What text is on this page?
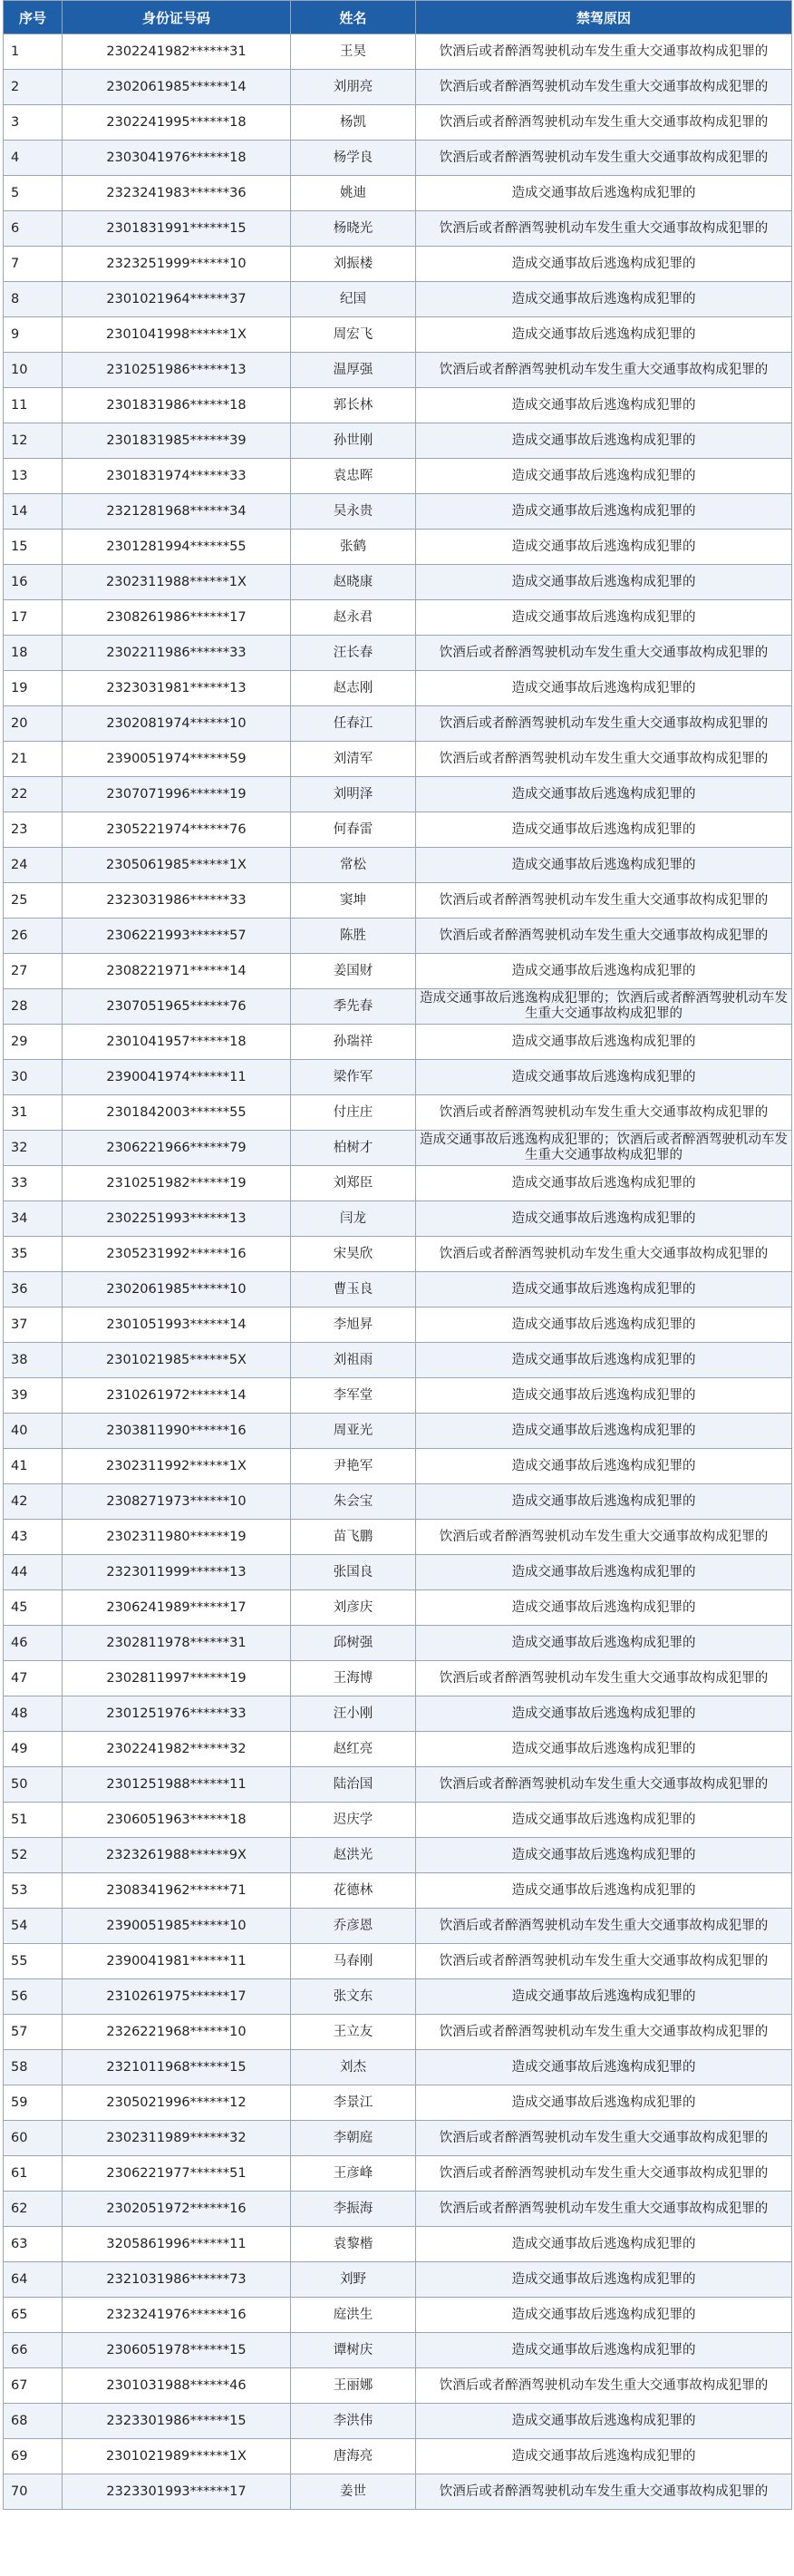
序号	身份证号码	姓名	禁驾原因
1	2302241982******31	王昊	饮酒后或者醉酒驾驶机动车发生重大交通事故构成犯罪的
2	2302061985******14	刘朋亮	饮酒后或者醉酒驾驶机动车发生重大交通事故构成犯罪的
3	2302241995******18	杨凯	饮酒后或者醉酒驾驶机动车发生重大交通事故构成犯罪的
4	2303041976******18	杨学良	饮酒后或者醉酒驾驶机动车发生重大交通事故构成犯罪的
5	2323241983******36	姚迪	造成交通事故后逃逸构成犯罪的
6	2301831991******15	杨晓光	饮酒后或者醉酒驾驶机动车发生重大交通事故构成犯罪的
7	2323251999******10	刘振楼	造成交通事故后逃逸构成犯罪的
8	2301021964******37	纪国	造成交通事故后逃逸构成犯罪的
9	2301041998******1X	周宏飞	造成交通事故后逃逸构成犯罪的
10	2310251986******13	温厚强	饮酒后或者醉酒驾驶机动车发生重大交通事故构成犯罪的
11	2301831986******18	郭长林	造成交通事故后逃逸构成犯罪的
12	2301831985******39	孙世刚	造成交通事故后逃逸构成犯罪的
13	2301831974******33	袁忠晖	造成交通事故后逃逸构成犯罪的
14	2321281968******34	吴永贵	造成交通事故后逃逸构成犯罪的
15	2301281994******55	张鹤	造成交通事故后逃逸构成犯罪的
16	2302311988******1X	赵晓康	造成交通事故后逃逸构成犯罪的
17	2308261986******17	赵永君	造成交通事故后逃逸构成犯罪的
18	2302211986******33	汪长春	饮酒后或者醉酒驾驶机动车发生重大交通事故构成犯罪的
19	2323031981******13	赵志刚	造成交通事故后逃逸构成犯罪的
20	2302081974******10	任春江	饮酒后或者醉酒驾驶机动车发生重大交通事故构成犯罪的
21	2390051974******59	刘清军	饮酒后或者醉酒驾驶机动车发生重大交通事故构成犯罪的
22	2307071996******19	刘明泽	造成交通事故后逃逸构成犯罪的
23	2305221974******76	何春雷	造成交通事故后逃逸构成犯罪的
24	2305061985******1X	常松	造成交通事故后逃逸构成犯罪的
25	2323031986******33	窦坤	饮酒后或者醉酒驾驶机动车发生重大交通事故构成犯罪的
26	2306221993******57	陈胜	饮酒后或者醉酒驾驶机动车发生重大交通事故构成犯罪的
27	2308221971******14	姜国财	造成交通事故后逃逸构成犯罪的
28	2307051965******76	季先春	造成交通事故后逃逸构成犯罪的；饮酒后或者醉酒驾驶机动车发生重大交通事故构成犯罪的
29	2301041957******18	孙瑞祥	造成交通事故后逃逸构成犯罪的
30	2390041974******11	梁作军	造成交通事故后逃逸构成犯罪的
31	2301842003******55	付庄庄	饮酒后或者醉酒驾驶机动车发生重大交通事故构成犯罪的
32	2306221966******79	柏树才	造成交通事故后逃逸构成犯罪的；饮酒后或者醉酒驾驶机动车发生重大交通事故构成犯罪的
33	2310251982******19	刘郑臣	造成交通事故后逃逸构成犯罪的
34	2302251993******13	闫龙	造成交通事故后逃逸构成犯罪的
35	2305231992******16	宋昊欣	饮酒后或者醉酒驾驶机动车发生重大交通事故构成犯罪的
36	2302061985******10	曹玉良	造成交通事故后逃逸构成犯罪的
37	2301051993******14	李旭昇	造成交通事故后逃逸构成犯罪的
38	2301021985******5X	刘祖雨	造成交通事故后逃逸构成犯罪的
39	2310261972******14	李军堂	造成交通事故后逃逸构成犯罪的
40	2303811990******16	周亚光	造成交通事故后逃逸构成犯罪的
41	2302311992******1X	尹艳军	造成交通事故后逃逸构成犯罪的
42	2308271973******10	朱会宝	造成交通事故后逃逸构成犯罪的
43	2302311980******19	苗飞鹏	饮酒后或者醉酒驾驶机动车发生重大交通事故构成犯罪的
44	2323011999******13	张国良	造成交通事故后逃逸构成犯罪的
45	2306241989******17	刘彦庆	造成交通事故后逃逸构成犯罪的
46	2302811978******31	邱树强	造成交通事故后逃逸构成犯罪的
47	2302811997******19	王海博	饮酒后或者醉酒驾驶机动车发生重大交通事故构成犯罪的
48	2301251976******33	汪小刚	造成交通事故后逃逸构成犯罪的
49	2302241982******32	赵红亮	造成交通事故后逃逸构成犯罪的
50	2301251988******11	陆治国	饮酒后或者醉酒驾驶机动车发生重大交通事故构成犯罪的
51	2306051963******18	迟庆学	造成交通事故后逃逸构成犯罪的
52	2323261988******9X	赵洪光	造成交通事故后逃逸构成犯罪的
53	2308341962******71	花德林	造成交通事故后逃逸构成犯罪的
54	2390051985******10	乔彦恩	饮酒后或者醉酒驾驶机动车发生重大交通事故构成犯罪的
55	2390041981******11	马春刚	饮酒后或者醉酒驾驶机动车发生重大交通事故构成犯罪的
56	2310261975******17	张文东	造成交通事故后逃逸构成犯罪的
57	2326221968******10	王立友	饮酒后或者醉酒驾驶机动车发生重大交通事故构成犯罪的
58	2321011968******15	刘杰	造成交通事故后逃逸构成犯罪的
59	2305021996******12	李景江	造成交通事故后逃逸构成犯罪的
60	2302311989******32	李朝庭	饮酒后或者醉酒驾驶机动车发生重大交通事故构成犯罪的
61	2306221977******51	王彦峰	饮酒后或者醉酒驾驶机动车发生重大交通事故构成犯罪的
62	2302051972******16	李振海	饮酒后或者醉酒驾驶机动车发生重大交通事故构成犯罪的
63	3205861996******11	袁黎楷	造成交通事故后逃逸构成犯罪的
64	2321031986******73	刘野	造成交通事故后逃逸构成犯罪的
65	2323241976******16	庭洪生	造成交通事故后逃逸构成犯罪的
66	2306051978******15	谭树庆	造成交通事故后逃逸构成犯罪的
67	2301031988******46	王丽娜	饮酒后或者醉酒驾驶机动车发生重大交通事故构成犯罪的
68	2323301986******15	李洪伟	造成交通事故后逃逸构成犯罪的
69	2301021989******1X	唐海亮	造成交通事故后逃逸构成犯罪的
70	2323301993******17	姜世	饮酒后或者醉酒驾驶机动车发生重大交通事故构成犯罪的
